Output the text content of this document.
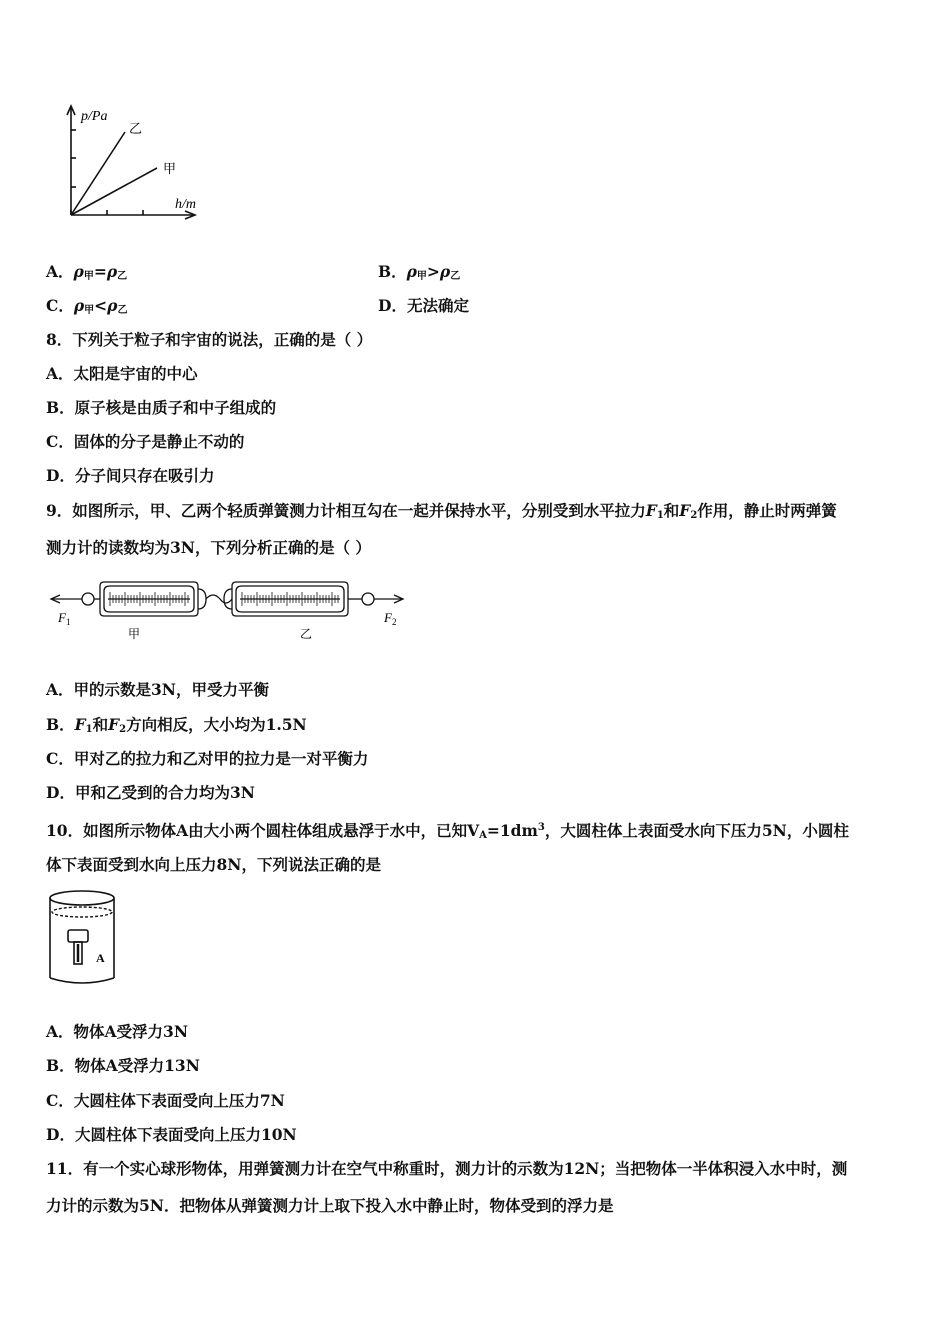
p/Pa
h/m
乙
甲
A．$\rho_甲=\rho_乙$	B．$\rho_甲>\rho_乙$
C．$\rho_甲<\rho_乙$	D．无法确定
8．下列关于粒子和宇宙的说法，正确的是（ ）
A．太阳是宇宙的中心
B．原子核是由质子和中子组成的
C．固体的分子是静止不动的
D．分子间只存在吸引力
9．如图所示，甲、乙两个轻质弹簧测力计相互勾在一起并保持水平，分别受到水平拉力$F_1$和$F_2$作用，静止时两弹簧
测力计的读数均为3N，下列分析正确的是（ ）
F 1	F 2
甲	乙
A．甲的示数是3N，甲受力平衡
B．$F_1$和$F_2$方向相反，大小均为1.5N
C．甲对乙的拉力和乙对甲的拉力是一对平衡力
D．甲和乙受到的合力均为3N
10．如图所示物体A由大小两个圆柱体组成悬浮于水中，已知$V_A=1dm^3$，大圆柱体上表面受水向下压力5N，小圆柱
体下表面受到水向上压力8N，下列说法正确的是
A
A．物体A受浮力3N
B．物体A受浮力13N
C．大圆柱体下表面受向上压力7N
D．大圆柱体下表面受向上压力10N
11．有一个实心球形物体，用弹簧测力计在空气中称重时，测力计的示数为12N；当把物体一半体积浸入水中时，测
力计的示数为5N．把物体从弹簧测力计上取下投入水中静止时，物体受到的浮力是
